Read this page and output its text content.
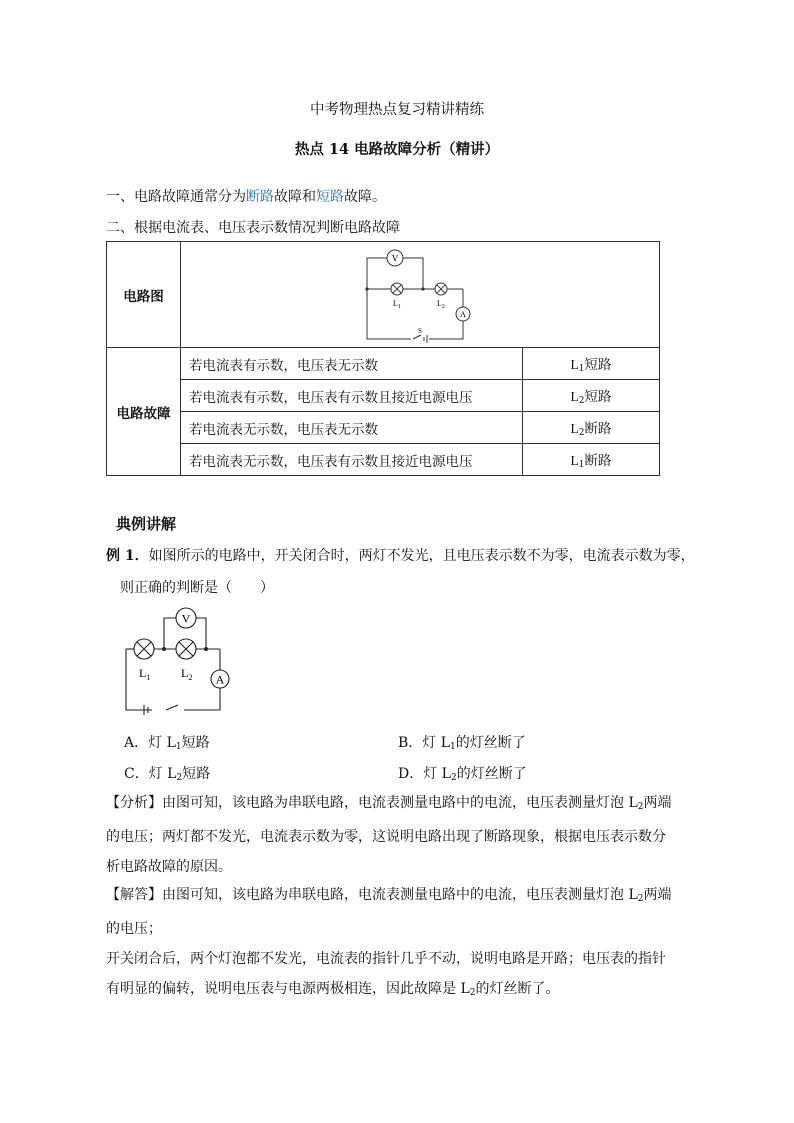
中考物理热点复习精讲精练
热点 14 电路故障分析（精讲）
一、电路故障通常分为断路故障和短路故障。
二、根据电流表、电压表示数情况判断电路故障
电路图	V
A
$L_1$ $L_2$
S	

电路故障	若电流表有示数，电压表无示数	$L_1$短路
	若电流表有示数，电压表有示数且接近电源电压	$L_2$短路
	若电流表无示数，电压表无示数	$L_2$断路
	若电流表无示数，电压表有示数且接近电源电压	$L_1$断路
典例讲解
例 1．如图所示的电路中，开关闭合时，两灯不发光，且电压表示数不为零，电流表示数为零，
则正确的判断是（　　）
V
A
$L_1$	$L_2$
A．灯 $L_1$短路	B．灯 $L_1$的灯丝断了
C．灯 $L_2$短路	D．灯 $L_2$的灯丝断了
【分析】由图可知，该电路为串联电路，电流表测量电路中的电流，电压表测量灯泡 $L_2$两端
的电压；两灯都不发光，电流表示数为零，这说明电路出现了断路现象，根据电压表示数分
析电路故障的原因。
【解答】由图可知，该电路为串联电路，电流表测量电路中的电流，电压表测量灯泡 $L_2$两端
的电压；
开关闭合后，两个灯泡都不发光，电流表的指针几乎不动，说明电路是开路；电压表的指针
有明显的偏转，说明电压表与电源两极相连，因此故障是 $L_2$的灯丝断了。
